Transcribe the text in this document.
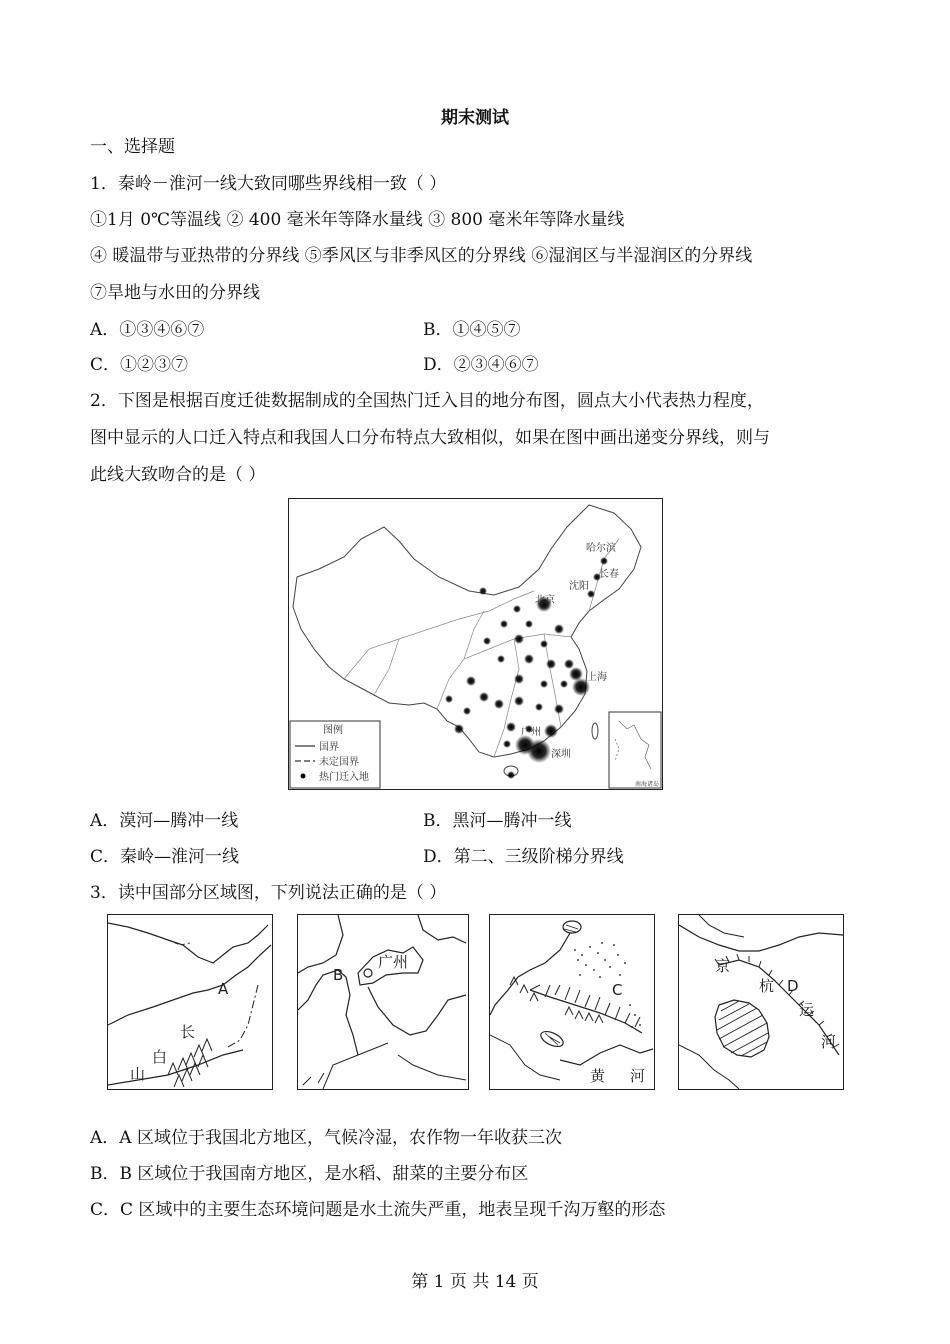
期末测试
一、选择题
1．秦岭－淮河一线大致同哪些界线相一致（ ）
①1月 0℃等温线 ② 400 毫米年等降水量线 ③ 800 毫米年等降水量线
④ 暖温带与亚热带的分界线 ⑤季风区与非季风区的分界线 ⑥湿润区与半湿润区的分界线
⑦旱地与水田的分界线
A．①③④⑥⑦	B．①④⑤⑦
C．①②③⑦	D．②③④⑥⑦
2．下图是根据百度迁徙数据制成的全国热门迁入目的地分布图，圆点大小代表热力程度，
图中显示的人口迁入特点和我国人口分布特点大致相似，如果在图中画出递变分界线，则与
此线大致吻合的是（ ）
哈尔滨
长春
沈阳
北京
上海
广州
深圳
图例
国界
未定国界
热门迁入地
南海诸岛
A．漠河—腾冲一线	B．黑河—腾冲一线
C．秦岭—淮河一线	D．第二、三级阶梯分界线
3．读中国部分区域图，下列说法正确的是（ ）
A
长
白
山
B
广州
C
黄 河
京
杭 D
运
河
A．A 区域位于我国北方地区，气候冷湿，农作物一年收获三次
B．B 区域位于我国南方地区，是水稻、甜菜的主要分布区
C．C 区域中的主要生态环境问题是水土流失严重，地表呈现千沟万壑的形态
第 1 页 共 14 页
